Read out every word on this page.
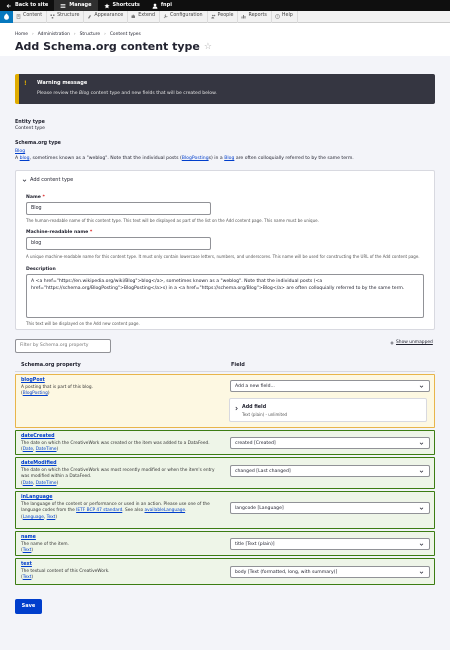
Back to site	Manage	Shortcuts	fnpi
Content	Structure	Appearance	Extend	Configuration	People	Reports ? Help
Home › Administration › Structure › Content types
Add Schema.org content type ☆
!	Warning message
Please review the Blog content type and new fields that will be created below.
Entity type
Content type
Schema.org type
Blog
A blog, sometimes known as a "weblog". Note that the individual posts (BlogPostings) in a Blog are often colloquially referred to by the same term.
Add content type
Name *
Blog
The human-readable name of this content type. This text will be displayed as part of the list on the Add content page. This name must be unique.
Machine-readable name *
blog
A unique machine-readable name for this content type. It must only contain lowercase letters, numbers, and underscores. This name will be used for constructing the URL of the Add content page.
Description
A <a href="https://en.wikipedia.org/wiki/Blog">blog</a>, sometimes known as a "weblog". Note that the individual posts (<a
href="https://schema.org/BlogPosting">BlogPosting</a>s) in a <a href="https://schema.org/Blog">Blog</a> are often colloquially referred to by the same term.
This text will be displayed on the Add new content page.
Filter by Schema.org property
Show unmapped
Schema.org property	Field
blogPost
A posting that is part of this blog.
(BlogPosting)
Add a new field...
Add field
Text (plain) - unlimited
dateCreated
The date on which the CreativeWork was created or the item was added to a DataFeed.
(Date, DateTime)
created [Created]
dateModified
The date on which the CreativeWork was most recently modified or when the item's entry was modified within a DataFeed.
(Date, DateTime)
changed [Last changed]
inLanguage
The language of the content or performance or used in an action. Please use one of the language codes from the IETF BCP 47 standard. See also availableLanguage.
(Language, Text)
langcode [Language]
name
The name of the item.
(Text)
title [Text (plain)]
text
The textual content of this CreativeWork.
(Text)
body [Text (formatted, long, with summary)]
Save
